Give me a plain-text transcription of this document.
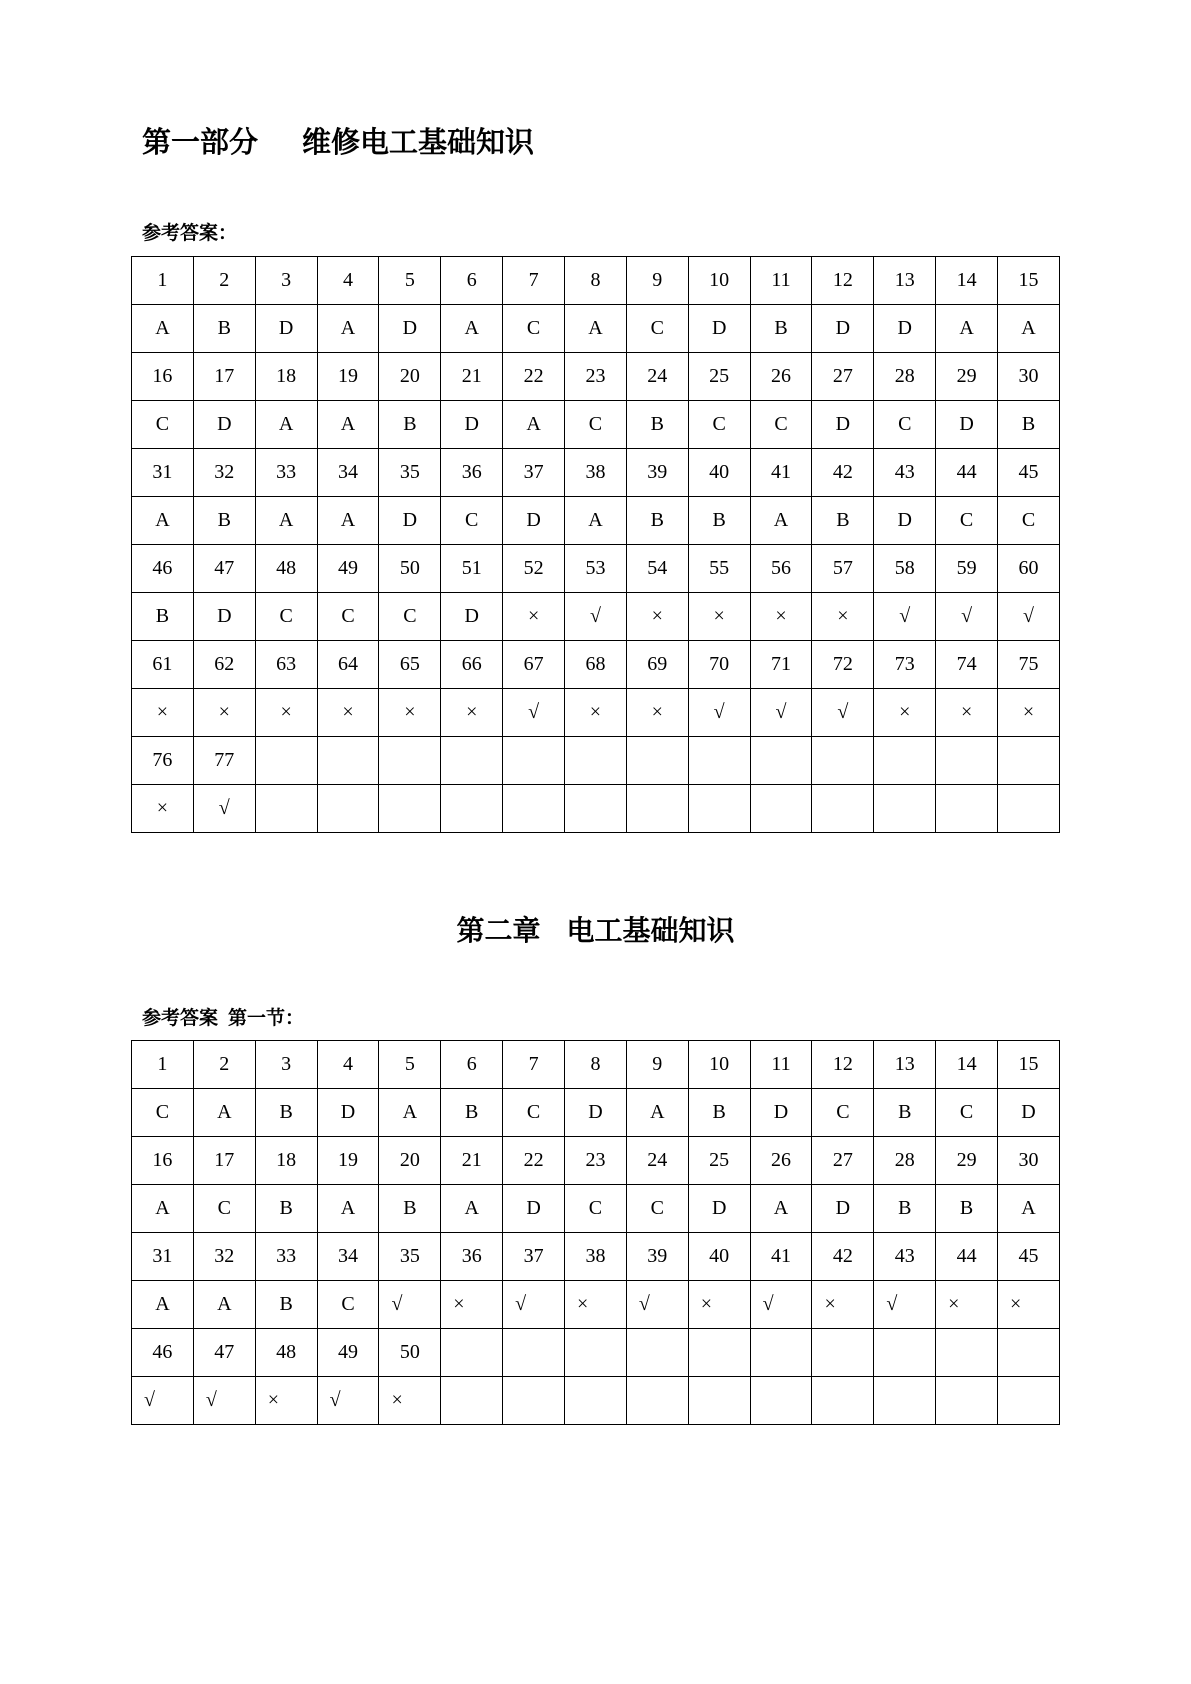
第一部分 维修电工基础知识
参考答案：
1	2	3	4	5	6	7	8	9	10	11	12	13	14	15
A	B	D	A	D	A	C	A	C	D	B	D	D	A	A
16	17	18	19	20	21	22	23	24	25	26	27	28	29	30
C	D	A	A	B	D	A	C	B	C	C	D	C	D	B
31	32	33	34	35	36	37	38	39	40	41	42	43	44	45
A	B	A	A	D	C	D	A	B	B	A	B	D	C	C
46	47	48	49	50	51	52	53	54	55	56	57	58	59	60
B	D	C	C	C	D	×	√	×	×	×	×	√	√	√
61	62	63	64	65	66	67	68	69	70	71	72	73	74	75
×	×	×	×	×	×	√	×	×	√	√	√	×	×	×
76	77													
×	√													
第二章 电工基础知识
参考答案 第一节：
1	2	3	4	5	6	7	8	9	10	11	12	13	14	15
C	A	B	D	A	B	C	D	A	B	D	C	B	C	D
16	17	18	19	20	21	22	23	24	25	26	27	28	29	30
A	C	B	A	B	A	D	C	C	D	A	D	B	B	A
31	32	33	34	35	36	37	38	39	40	41	42	43	44	45
A	A	B	C	√	×	√	×	√	×	√	×	√	×	×
46	47	48	49	50										
√	√	×	√	×										
